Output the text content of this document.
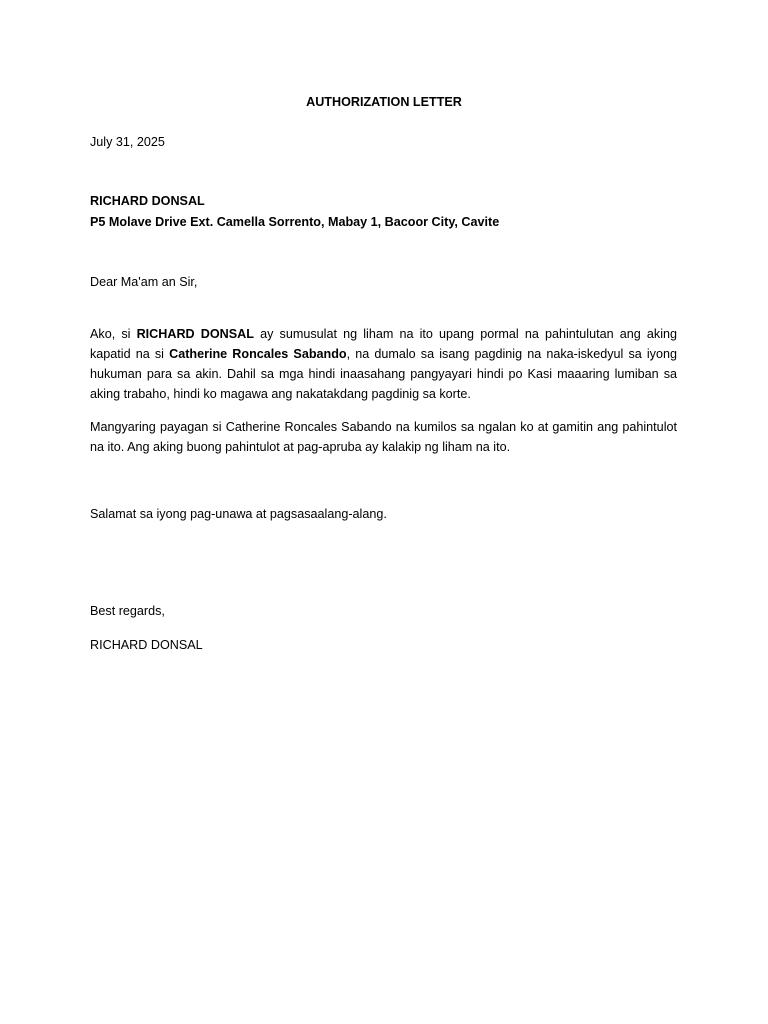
AUTHORIZATION LETTER
July 31, 2025
RICHARD DONSAL
P5 Molave Drive Ext. Camella Sorrento, Mabay 1, Bacoor City, Cavite
Dear Ma'am an Sir,
Ako, si RICHARD DONSAL ay sumusulat ng liham na ito upang pormal na pahintulutan ang aking kapatid na si Catherine Roncales Sabando, na dumalo sa isang pagdinig na naka-iskedyul sa iyong hukuman para sa akin. Dahil sa mga hindi inaasahang pangyayari hindi po Kasi maaaring lumiban sa aking trabaho, hindi ko magawa ang nakatakdang pagdinig sa korte.
Mangyaring payagan si Catherine Roncales Sabando na kumilos sa ngalan ko at gamitin ang pahintulot na ito. Ang aking buong pahintulot at pag-apruba ay kalakip ng liham na ito.
Salamat sa iyong pag-unawa at pagsasaalang-alang.
Best regards,
RICHARD DONSAL
